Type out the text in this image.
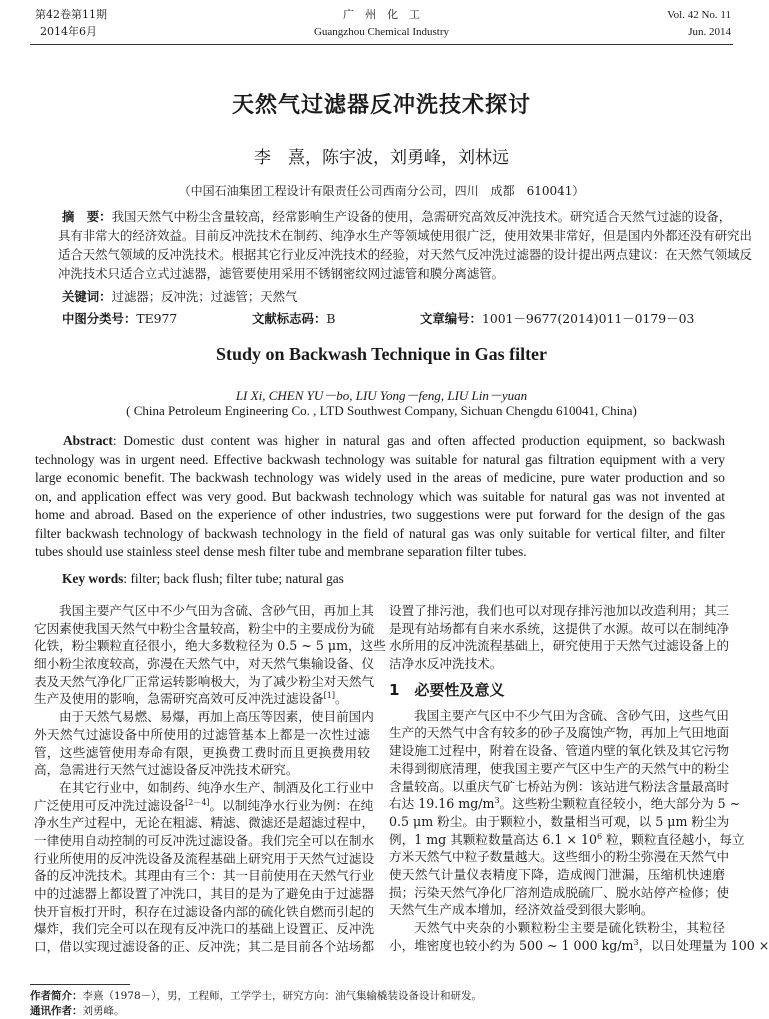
第42卷第11期
2014年6月
广　州　化　工
Guangzhou Chemical Industry
Vol. 42 No. 11
Jun. 2014
天然气过滤器反冲洗技术探讨
李　熹，陈宇波，刘勇峰，刘林远
（中国石油集团工程设计有限责任公司西南分公司，四川　成都　610041）
摘　要：我国天然气中粉尘含量较高，经常影响生产设备的使用，急需研究高效反冲洗技术。研究适合天然气过滤的设备，
具有非常大的经济效益。目前反冲洗技术在制药、纯净水生产等领域使用很广泛，使用效果非常好，但是国内外都还没有研究出
适合天然气领域的反冲洗技术。根据其它行业反冲洗技术的经验，对天然气反冲洗过滤器的设计提出两点建议：在天然气领域反
冲洗技术只适合立式过滤器，滤管要使用采用不锈钢密纹网过滤管和膜分离滤管。
关键词：过滤器；反冲洗；过滤管；天然气
中图分类号：TE977	文献标志码：B	文章编号：1001－9677(2014)011－0179－03
Study on Backwash Technique in Gas filter
LI Xi, CHEN YU－bo, LIU Yong－feng, LIU Lin－yuan
( China Petroleum Engineering Co. , LTD Southwest Company, Sichuan Chengdu 610041, China)
Abstract: Domestic dust content was higher in natural gas and often affected production equipment, so backwash
technology was in urgent need. Effective backwash technology was suitable for natural gas filtration equipment with a very
large economic benefit. The backwash technology was widely used in the areas of medicine, pure water production and so
on, and application effect was very good. But backwash technology which was suitable for natural gas was not invented at
home and abroad. Based on the experience of other industries, two suggestions were put forward for the design of the gas
filter backwash technology of backwash technology in the field of natural gas was only suitable for vertical filter, and filter
tubes should use stainless steel dense mesh filter tube and membrane separation filter tubes.
Key words: filter; back flush; filter tube; natural gas
我国主要产气区中不少气田为含硫、含砂气田，再加上其
它因素使我国天然气中粉尘含量较高，粉尘中的主要成份为硫
化铁，粉尘颗粒直径很小，绝大多数粒径为 0.5 ~ 5 μm，这些
细小粉尘浓度较高，弥漫在天然气中，对天然气集输设备、仪
表及天然气净化厂正常运转影响极大，为了减少粉尘对天然气
生产及使用的影响，急需研究高效可反冲洗过滤设备[1]。
由于天然气易燃、易爆，再加上高压等因素，使目前国内
外天然气过滤设备中所使用的过滤管基本上都是一次性过滤
管，这些滤管使用寿命有限，更换费工费时而且更换费用较
高，急需进行天然气过滤设备反冲洗技术研究。
在其它行业中，如制药、纯净水生产、制酒及化工行业中
广泛使用可反冲洗过滤设备[2－4]。以制纯净水行业为例：在纯
净水生产过程中，无论在粗滤、精滤、微滤还是超滤过程中，
一律使用自动控制的可反冲洗过滤设备。我们完全可以在制水
行业所使用的反冲洗设备及流程基础上研究用于天然气过滤设
备的反冲洗技术。其理由有三个：其一目前使用在天然气行业
中的过滤器上都设置了冲洗口，其目的是为了避免由于过滤器
快开盲板打开时，积存在过滤设备内部的硫化铁自燃而引起的
爆炸，我们完全可以在现有反冲洗口的基础上设置正、反冲洗
口，借以实现过滤设备的正、反冲洗；其二是目前各个站场都
设置了排污池，我们也可以对现存排污池加以改造利用；其三
是现有站场都有自来水系统，这提供了水源。故可以在制纯净
水所用的反冲洗流程基础上，研究使用于天然气过滤设备上的
洁净水反冲洗技术。
1　必要性及意义
我国主要产气区中不少气田为含硫、含砂气田，这些气田
生产的天然气中含有较多的砂子及腐蚀产物，再加上气田地面
建设施工过程中，附着在设备、管道内壁的氧化铁及其它污物
未得到彻底清理，使我国主要产气区中生产的天然气中的粉尘
含量较高。以重庆气矿七桥站为例：该站进气粉法含量最高时
右达 19.16 $mg/m^3$。这些粉尘颗粒直径较小，绝大部分为 5 ~
0.5 μm 粉尘。由于颗粒小，数量相当可观，以 5 μm 粉尘为
例，1 mg 其颗粒数量高达 $6.1 \times 10^6$ 粒，颗粒直径越小，每立
方米天然气中粒子数量越大。这些细小的粉尘弥漫在天然气中
使天然气计量仪表精度下降，造成阀门泄漏，压缩机快速磨
损；污染天然气净化厂溶剂造成脱硫厂、脱水站停产检修；使
天然气生产成本增加，经济效益受到很大影响。
天然气中夹杂的小颗粒粉尘主要是硫化铁粉尘，其粒径
小，堆密度也较小约为 500 ~ 1 000 $kg/m^3$，以日处理量为 100 ×
作者简介：李熹（1978－），男，工程师，工学学士，研究方向：油气集输橇装设备设计和研发。
通讯作者：刘勇峰。
